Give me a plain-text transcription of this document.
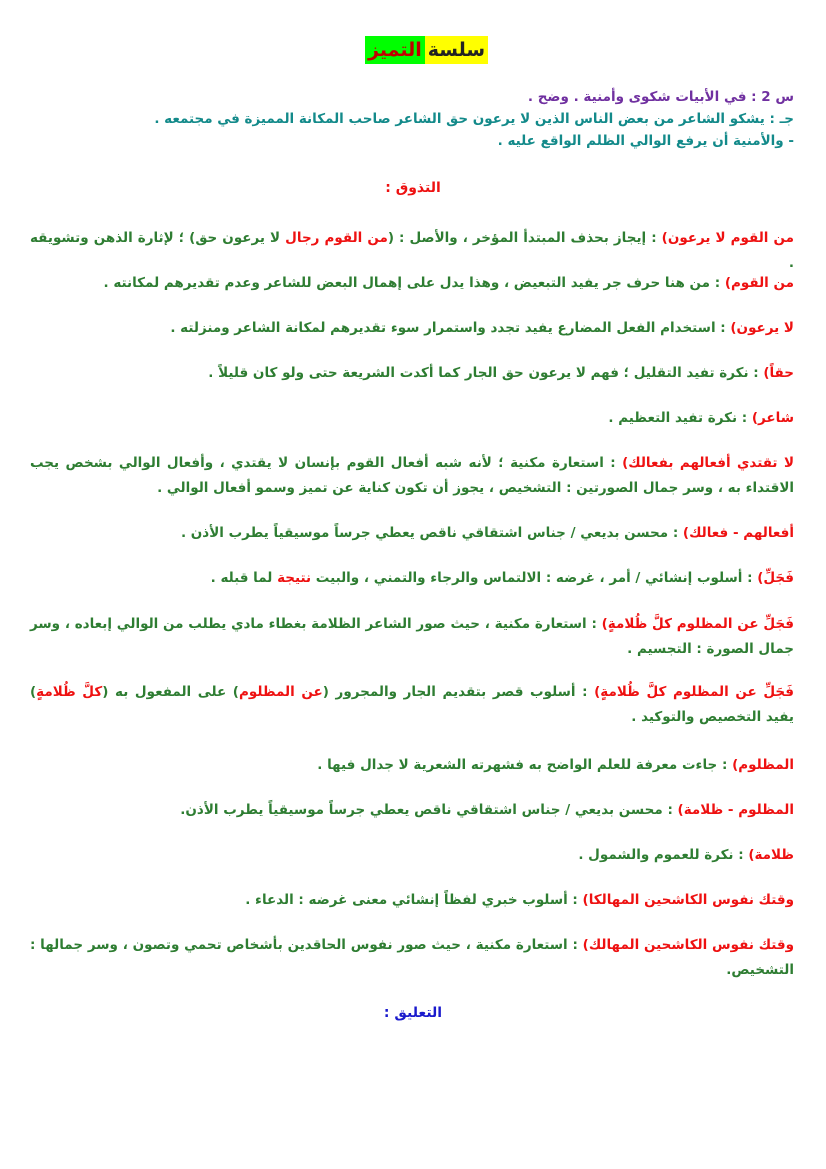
سلسةالتميز
س 2 : في الأبيات شكوى وأمنية . وضح .
جـ : يشكو الشاعر من بعض الناس الذين لا يرعون حق الشاعر صاحب المكانة المميزة في مجتمعه .
- والأمنية أن يرفع الوالي الظلم الواقع عليه .
التذوق :
من القوم لا يرعون) : إيجاز بحذف المبتدأ المؤخر ، والأصل : (من القوم رجال لا يرعون حق) ؛ لإثارة الذهن وتشويقه .
من القوم) : من هنا حرف جر يفيد التبعيض ، وهذا يدل على إهمال البعض للشاعر وعدم تقديرهم لمكانته .
لا يرعون) : استخدام الفعل المضارع يفيد تجدد واستمرار سوء تقديرهم لمكانة الشاعر ومنزلته .
حقاً) : نكرة تفيد التقليل ؛ فهم لا يرعون حق الجار كما أكدت الشريعة حتى ولو كان قليلاً .
شاعر) : نكرة تفيد التعظيم .
لا تقتدي أفعالهم بفعالك) : استعارة مكنية ؛ لأنه شبه أفعال القوم بإنسان لا يقتدي ، وأفعال الوالي بشخص يجب الاقتداء به ، وسر جمال الصورتين : التشخيص ، يجوز أن تكون كناية عن تميز وسمو أفعال الوالي .
أفعالهم - فعالك) : محسن بديعي / جناس اشتقاقي ناقص يعطي جرساً موسيقياً يطرب الأذن .
فَجَلِّ) : أسلوب إنشائي / أمر ، غرضه : الالتماس والرجاء والتمني ، والبيت نتيجة لما قبله .
فَجَلِّ عن المظلوم كلَّ ظُلامةٍ) : استعارة مكنية ، حيث صور الشاعر الظلامة بغطاء مادي يطلب من الوالي إبعاده ، وسر جمال الصورة : التجسيم .
فَجَلِّ عن المظلوم كلَّ ظُلامةٍ) : أسلوب قصر بتقديم الجار والمجرور (عن المظلوم) على المفعول به (كلَّ ظُلامةٍ) يفيد التخصيص والتوكيد .
المظلوم) : جاءت معرفة للعلم الواضح به فشهرته الشعرية لا جدال فيها .
المظلوم - ظلامة) : محسن بديعي / جناس اشتقاقي ناقص يعطي جرساً موسيقياً يطرب الأذن.
ظلامة) : نكرة للعموم والشمول .
وقتك نفوس الكاشحين المهالكا) : أسلوب خبري لفظاً إنشائي معنى غرضه : الدعاء .
وقتك نفوس الكاشحين المهالك) : استعارة مكنية ، حيث صور نفوس الحاقدين بأشخاص تحمي وتصون ، وسر جمالها : التشخيص.
التعليق :
